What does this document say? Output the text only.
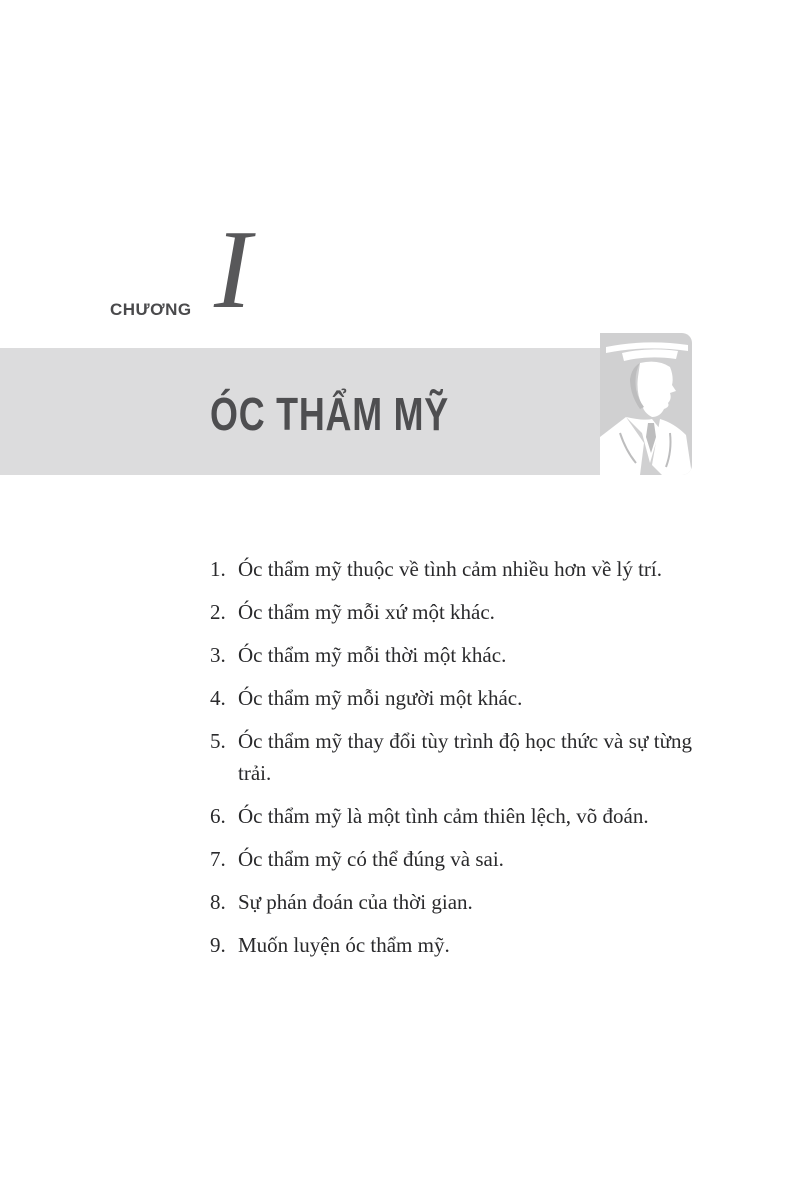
CHƯƠNG I
ÓC THẨM MỸ
1. Óc thẩm mỹ thuộc về tình cảm nhiều hơn về lý trí.
2. Óc thẩm mỹ mỗi xứ một khác.
3. Óc thẩm mỹ mỗi thời một khác.
4. Óc thẩm mỹ mỗi người một khác.
5. Óc thẩm mỹ thay đổi tùy trình độ học thức và sự từng trải.
6. Óc thẩm mỹ là một tình cảm thiên lệch, võ đoán.
7. Óc thẩm mỹ có thể đúng và sai.
8. Sự phán đoán của thời gian.
9. Muốn luyện óc thẩm mỹ.
